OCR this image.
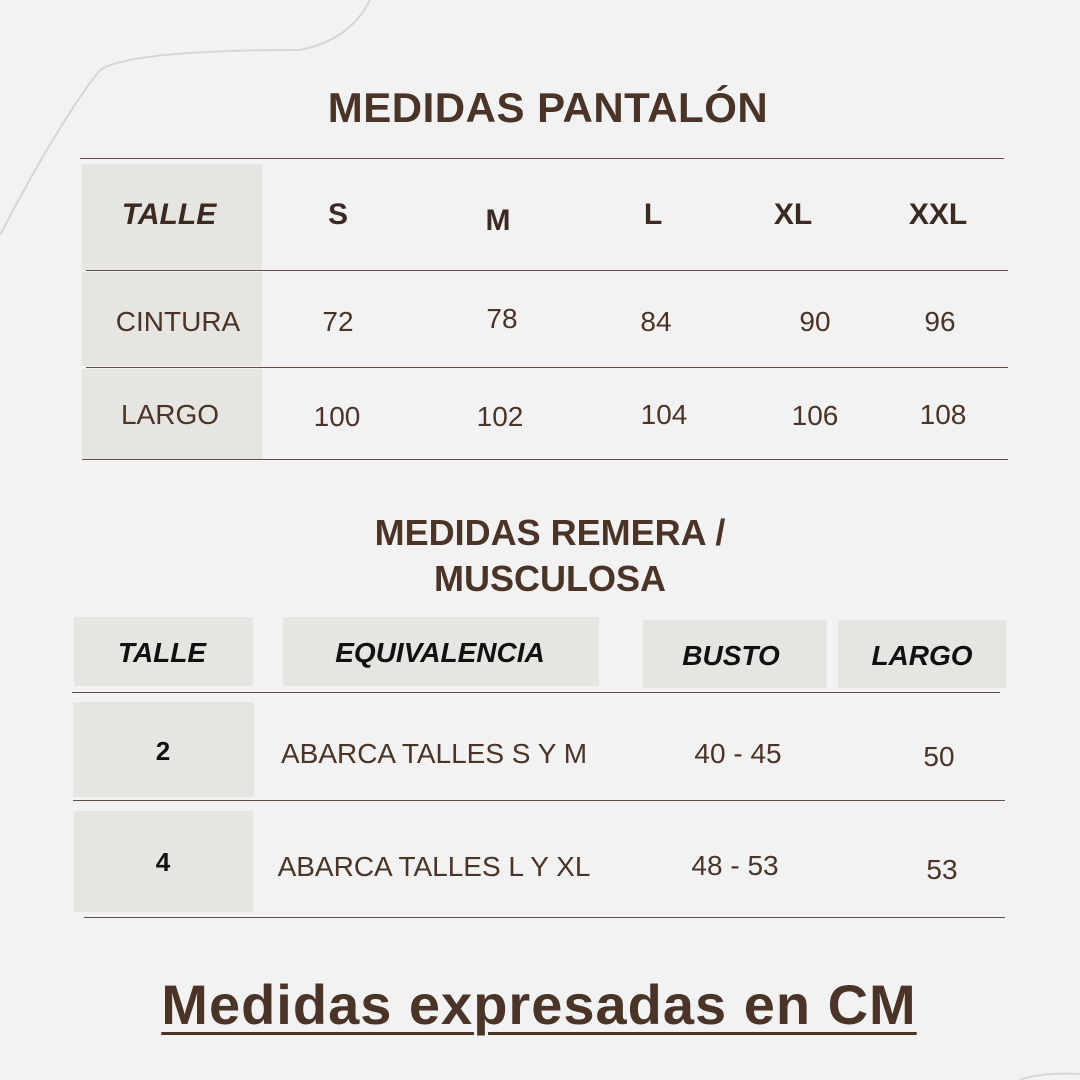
MEDIDAS PANTALÓN
TALLE	S	M	L	XL	XXL
CINTURA	72	78	84	90	96
LARGO	100	102	104	106	108
MEDIDAS REMERA /
MUSCULOSA
TALLE	EQUIVALENCIA	BUSTO	LARGO
2	ABARCA TALLES S Y M	40 - 45	50
4	ABARCA TALLES L Y XL	48 - 53	53
Medidas expresadas en CM
